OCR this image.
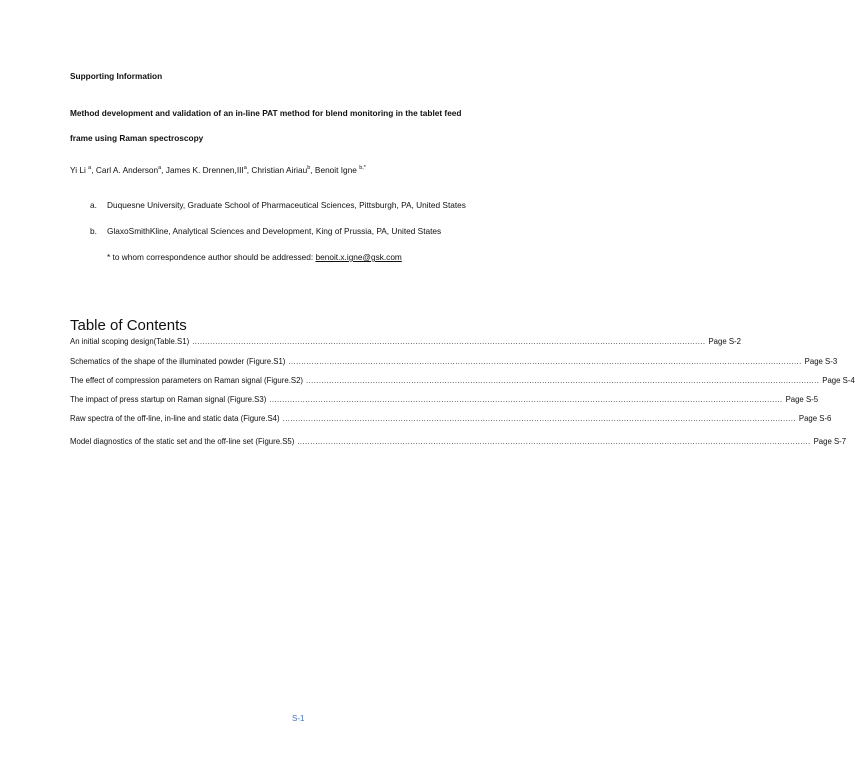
Supporting Information
Method development and validation of an in-line PAT method for blend monitoring in the tablet feed
frame using Raman spectroscopy
Yi Li $^a$, Carl A. Anderson$^a$, James K. Drennen,III$^a$, Christian Airiau$^b$, Benoit Igne $^{b,*}$
a. Duquesne University, Graduate School of Pharmaceutical Sciences, Pittsburgh, PA, United States
b. GlaxoSmithKline, Analytical Sciences and Development, King of Prussia, PA, United States
* to whom correspondence author should be addressed: benoit.x.igne@gsk.com
Table of Contents
An initial scoping design(Table.S1) ........................................................................................................................................................................................................ Page S-2
Schematics of the shape of the illuminated powder (Figure.S1) ........................................................................................................................................................................................................ Page S-3
The effect of compression parameters on Raman signal (Figure.S2) ........................................................................................................................................................................................................ Page S-4
The impact of press startup on Raman signal (Figure.S3) ........................................................................................................................................................................................................ Page S-5
Raw spectra of the off-line, in-line and static data (Figure.S4) ........................................................................................................................................................................................................ Page S-6
Model diagnostics of the static set and the off-line set (Figure.S5) ........................................................................................................................................................................................................ Page S-7
S-1
